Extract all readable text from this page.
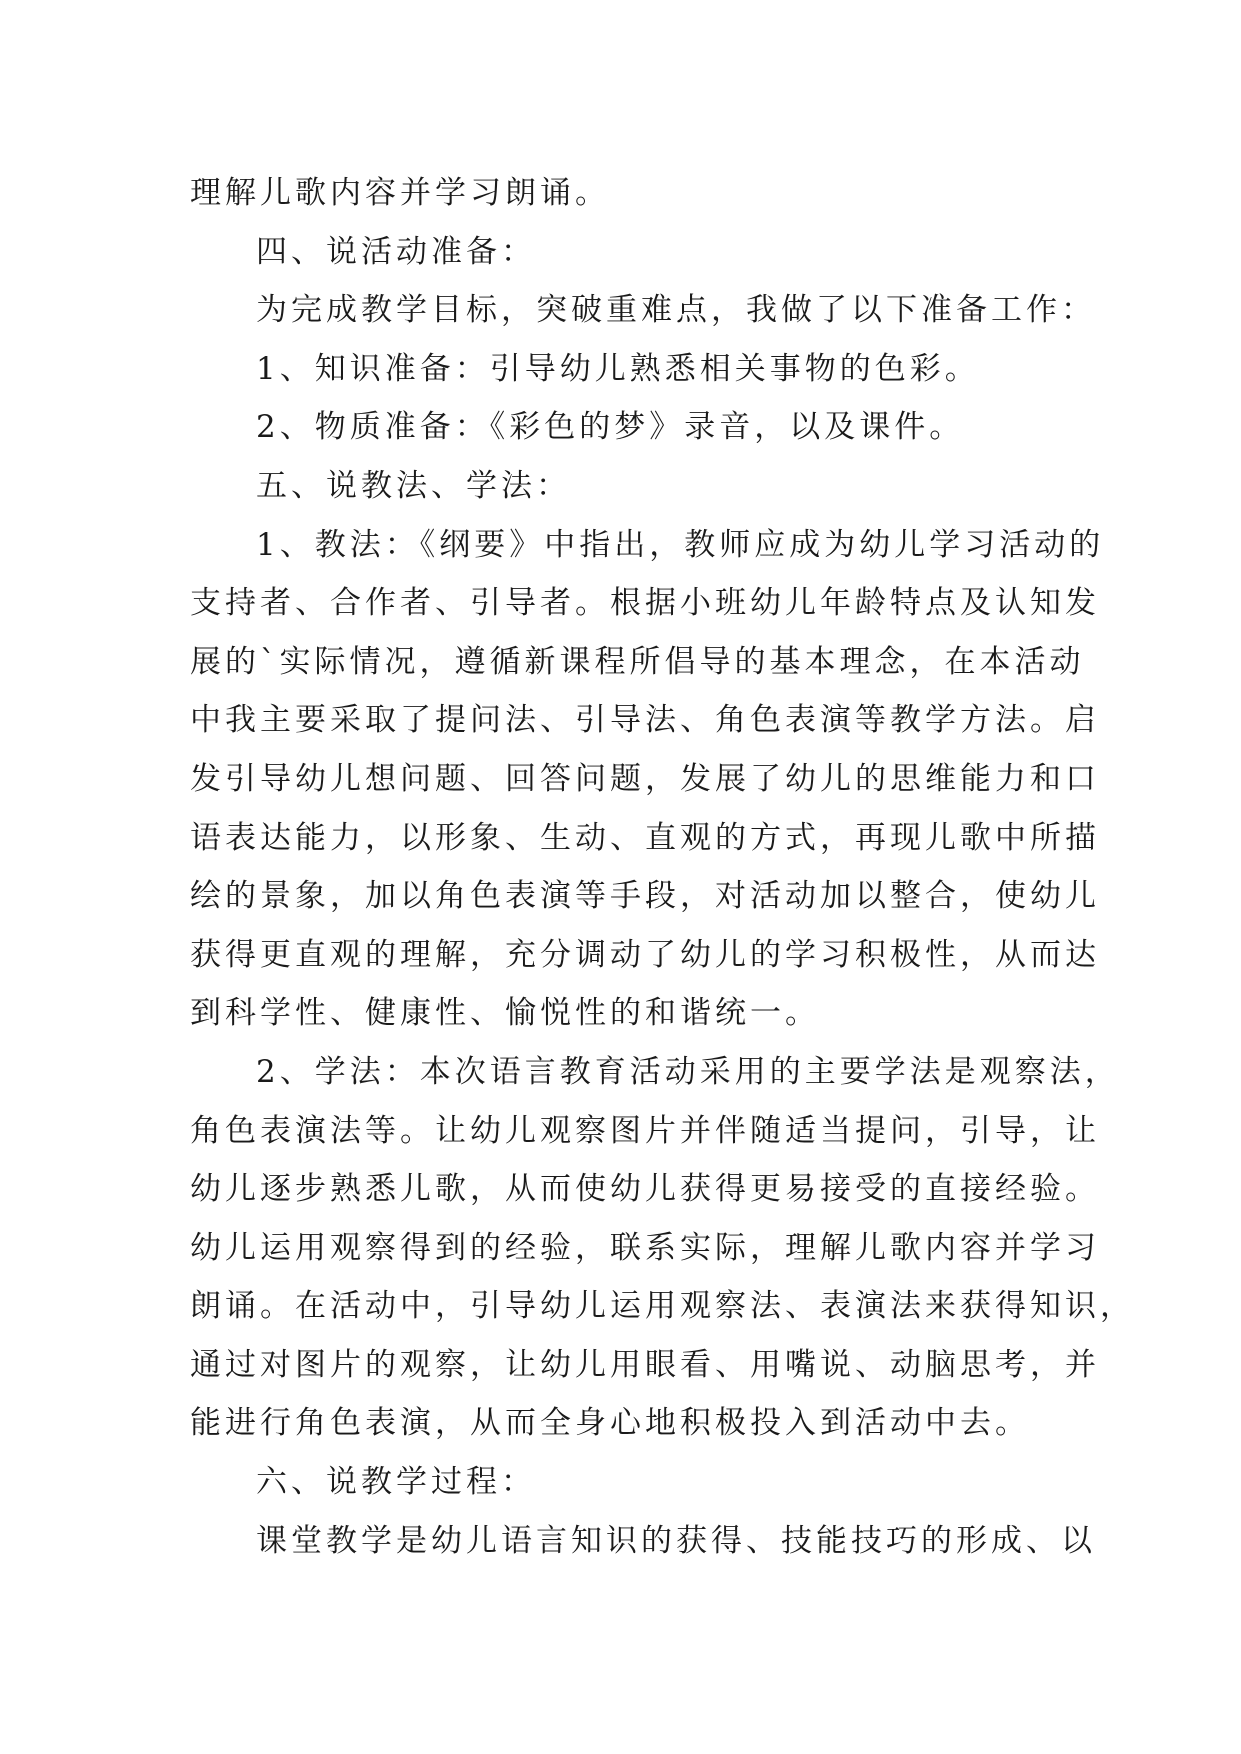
理解儿歌内容并学习朗诵。
四、说活动准备：
为完成教学目标，突破重难点，我做了以下准备工作：
1、知识准备：引导幼儿熟悉相关事物的色彩。
2、物质准备：《彩色的梦》录音，以及课件。
五、说教法、学法：
1、教法：《纲要》中指出，教师应成为幼儿学习活动的
支持者、合作者、引导者。根据小班幼儿年龄特点及认知发
展的`实际情况，遵循新课程所倡导的基本理念，在本活动
中我主要采取了提问法、引导法、角色表演等教学方法。启
发引导幼儿想问题、回答问题，发展了幼儿的思维能力和口
语表达能力，以形象、生动、直观的方式，再现儿歌中所描
绘的景象，加以角色表演等手段，对活动加以整合，使幼儿
获得更直观的理解，充分调动了幼儿的学习积极性，从而达
到科学性、健康性、愉悦性的和谐统一。
2、学法：本次语言教育活动采用的主要学法是观察法，
角色表演法等。让幼儿观察图片并伴随适当提问，引导，让
幼儿逐步熟悉儿歌，从而使幼儿获得更易接受的直接经验。
幼儿运用观察得到的经验，联系实际，理解儿歌内容并学习
朗诵。在活动中，引导幼儿运用观察法、表演法来获得知识，
通过对图片的观察，让幼儿用眼看、用嘴说、动脑思考，并
能进行角色表演，从而全身心地积极投入到活动中去。
六、说教学过程：
课堂教学是幼儿语言知识的获得、技能技巧的形成、以
